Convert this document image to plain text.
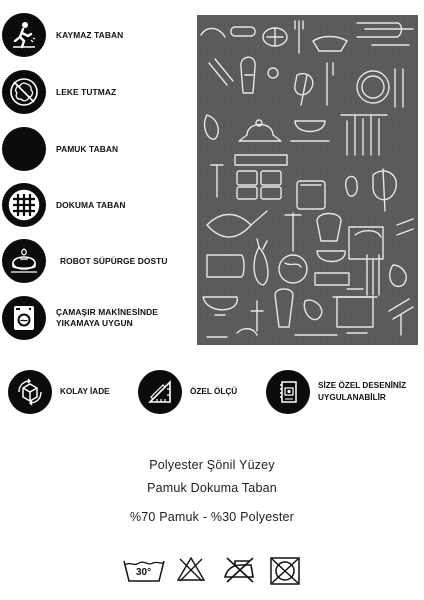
KAYMAZ TABAN
LEKE TUTMAZ
PAMUK TABAN
DOKUMA TABAN
ROBOT SÜPÜRGE DOSTU
ÇAMAŞIR MAKİNESİNDE
YIKAMAYA UYGUN
KOLAY İADE	ÖZEL ÖLÇÜ
SİZE ÖZEL DESENİNİZ
UYGULANABİLİR
Polyester Şönil Yüzey
Pamuk Dokuma Taban
%70 Pamuk - %30 Polyester
30°
